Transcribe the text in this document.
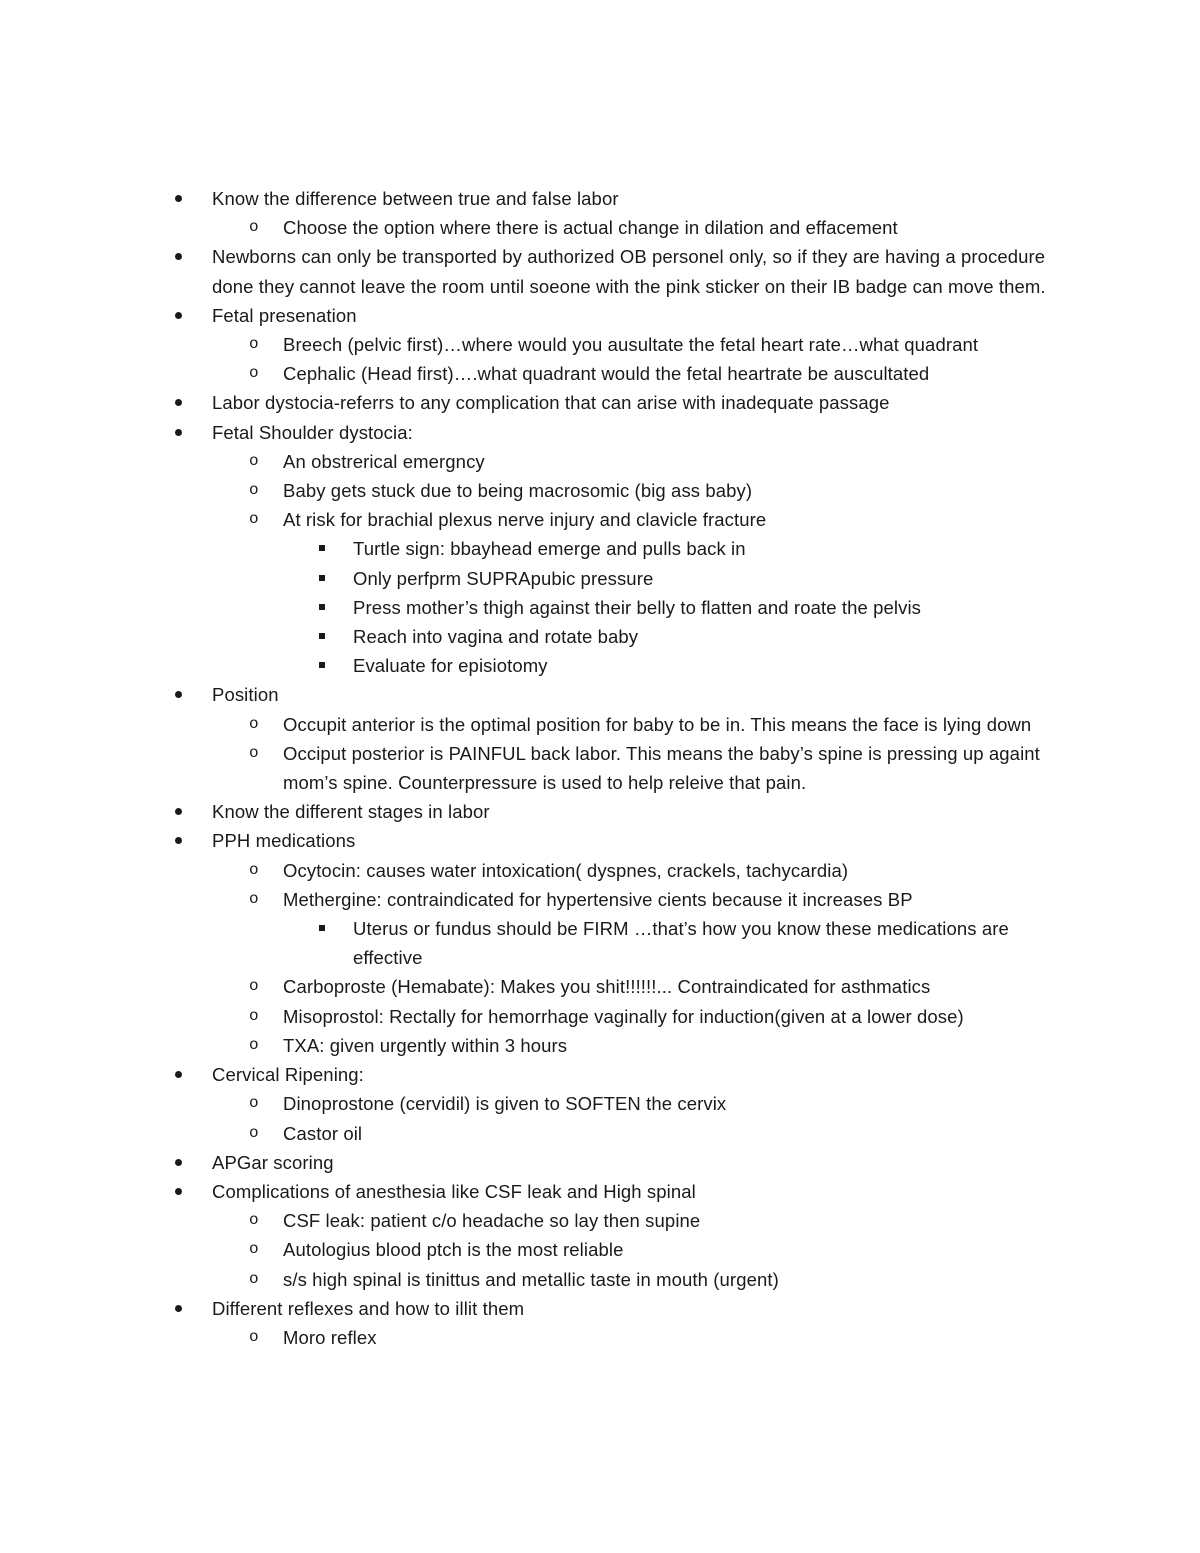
Know the difference between true and false labor
o Choose the option where there is actual change in dilation and effacement
Newborns can only be transported by authorized OB personel only, so if they are having a procedure done they cannot leave the room until soeone with the pink sticker on their IB badge can move them.
Fetal presenation
o Breech (pelvic first)…where would you ausultate the fetal heart rate…what quadrant
o Cephalic (Head first)….what quadrant would the fetal heartrate be auscultated
Labor dystocia-referrs to any complication that can arise with inadequate passage
Fetal Shoulder dystocia:
o An obstrerical emergncy
o Baby gets stuck due to being macrosomic (big ass baby)
o At risk for brachial plexus nerve injury and clavicle fracture
Turtle sign: bbayhead emerge and pulls back in
Only perfprm SUPRApubic pressure
Press mother’s thigh against their belly to flatten and roate the pelvis
Reach into vagina and rotate baby
Evaluate for episiotomy
Position
o Occupit anterior is the optimal position for baby to be in. This means the face is lying down
o Occiput posterior is PAINFUL back labor. This means the baby’s spine is pressing up againt mom’s spine. Counterpressure is used to help releive that pain.
Know the different stages in labor
PPH medications
o Ocytocin: causes water intoxication( dyspnes, crackels, tachycardia)
o Methergine: contraindicated for hypertensive cients because it increases BP
Uterus or fundus should be FIRM …that’s how you know these medications are effective
o Carboproste (Hemabate): Makes you shit!!!!!!... Contraindicated for asthmatics
o Misoprostol: Rectally for hemorrhage vaginally for induction(given at a lower dose)
o TXA: given urgently within 3 hours
Cervical Ripening:
o Dinoprostone (cervidil) is given to SOFTEN the cervix
o Castor oil
APGar scoring
Complications of anesthesia like CSF leak and High spinal
o CSF leak: patient c/o headache so lay then supine
o Autologius blood ptch is the most reliable
o s/s high spinal is tinittus and metallic taste in mouth (urgent)
Different reflexes and how to illit them
o Moro reflex
